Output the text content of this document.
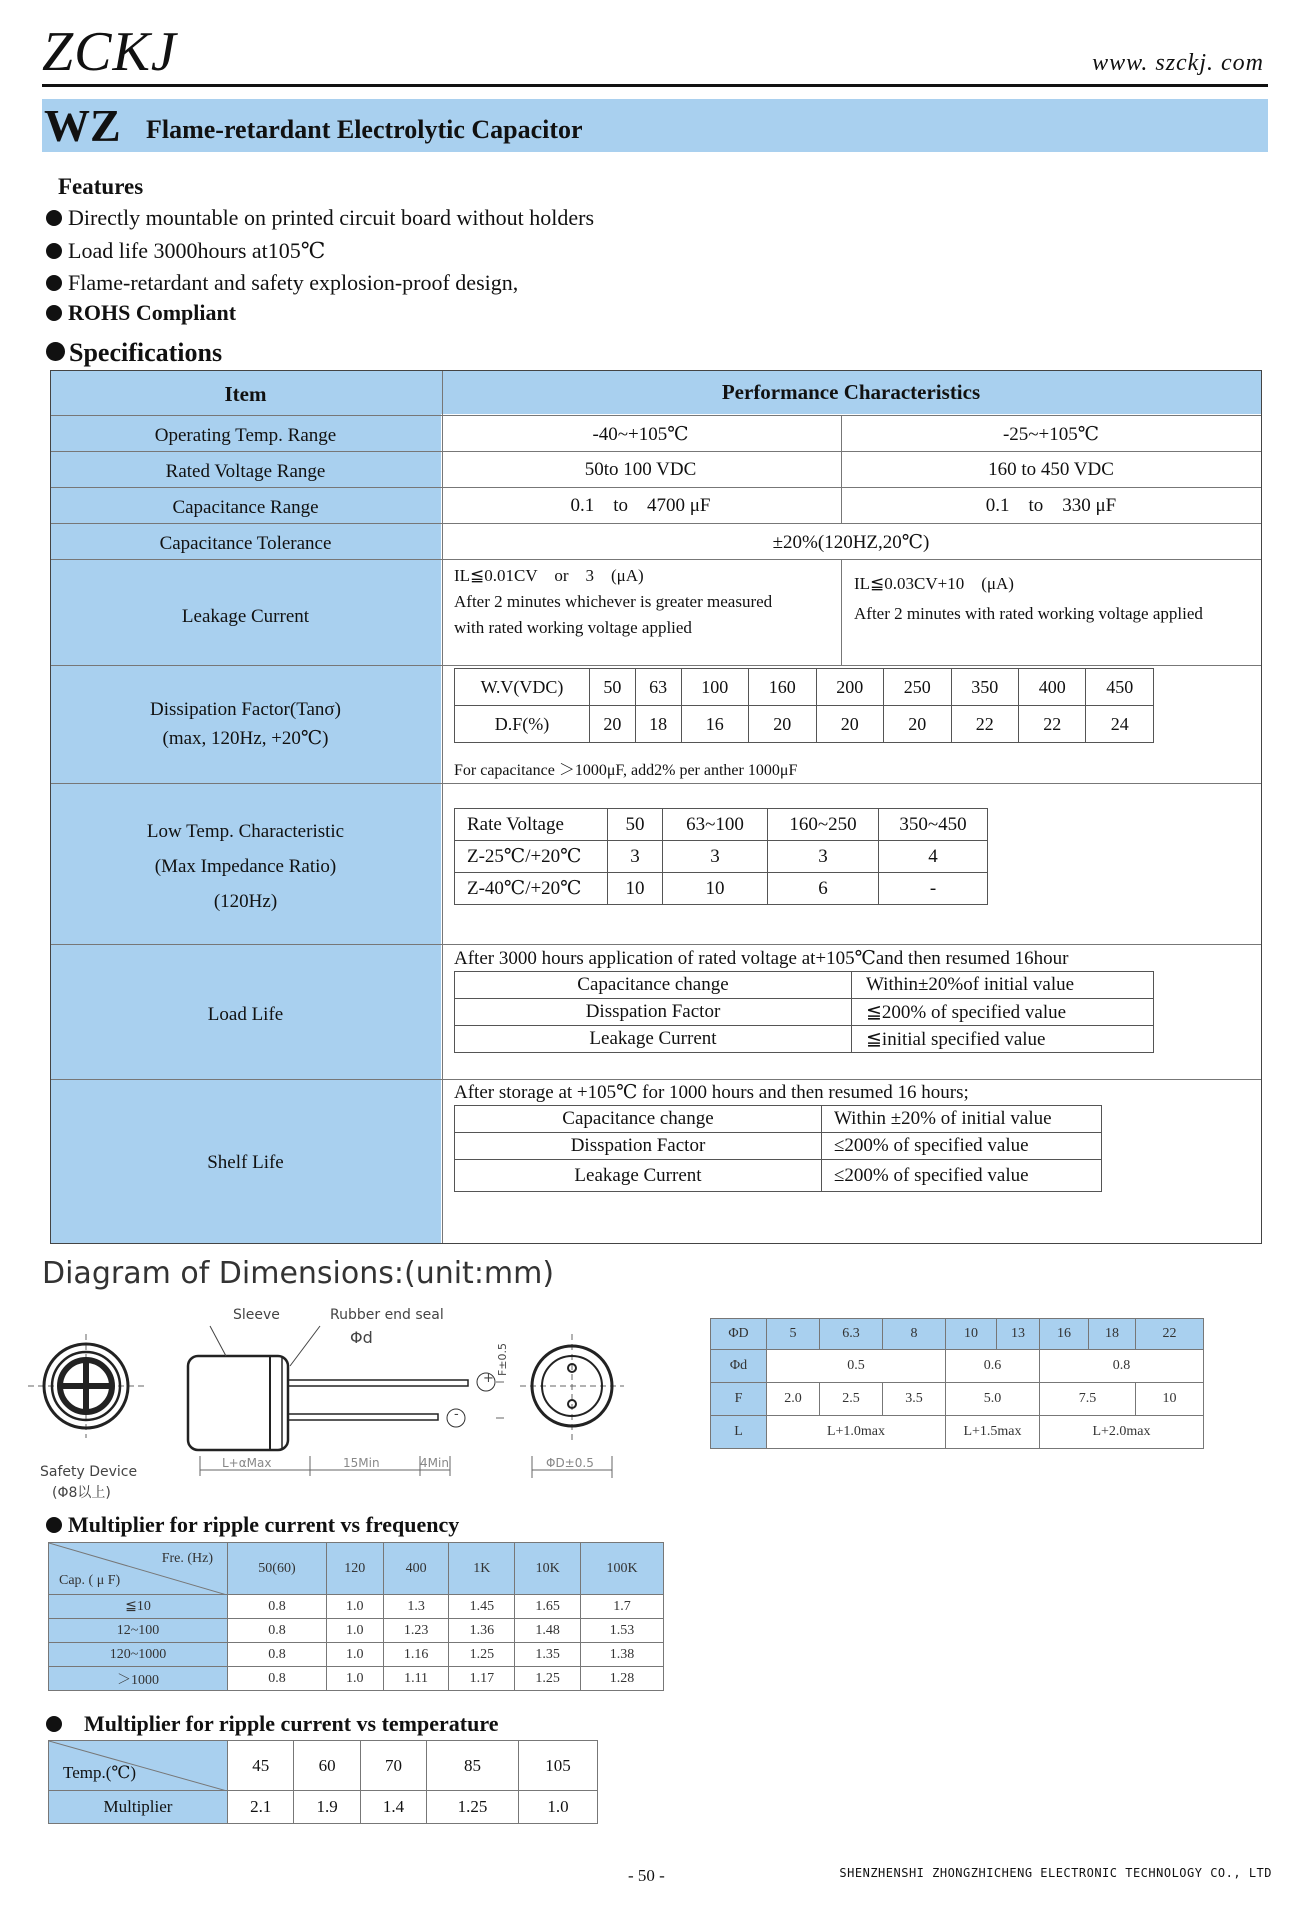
ZCKJ	www. szckj. com
WZ Flame-retardant Electrolytic Capacitor
Features
Directly mountable on printed circuit board without holders
Load life 3000hours at105℃
Flame-retardant and safety explosion-proof design,
ROHS Compliant
Specifications
Item	Performance Characteristics
Operating Temp. Range	-40~+105℃	-25~+105℃
Rated Voltage Range	50to 100 VDC	160 to 450 VDC
Capacitance Range	0.1    to    4700 μF	0.1    to    330 μF
Capacitance Tolerance	±20%(120HZ,20℃)
Leakage Current
IL≦0.01CV    or    3    (μA)
After 2 minutes whichever is greater measured
with rated working voltage applied
IL≦0.03CV+10    (μA)
After 2 minutes with rated working voltage applied
Dissipation Factor(Tanσ)
(max, 120Hz, +20℃)
W.V(VDC)	50	63	100	160	200	250	350	400	450
D.F(%)	20	18	16	20	20	20	22	22	24
For capacitance ＞1000μF, add2% per anther 1000μF
Low Temp. Characteristic
(Max Impedance Ratio)
(120Hz)
Rate Voltage	50	63~100	160~250	350~450
Z-25℃/+20℃	3	3	3	4
Z-40℃/+20℃	10	10	6	-
Load Life
After 3000 hours application of rated voltage at+105℃and then resumed 16hour
Capacitance change	Within±20%of initial value
Disspation Factor	≦200% of specified value
Leakage Current	≦initial specified value
Shelf Life
After storage at +105℃ for 1000 hours and then resumed 16 hours;
Capacitance change	Within ±20% of initial value
Disspation Factor	≤200% of specified value
Leakage Current	≤200% of specified value
Diagram of Dimensions:(unit:mm)
Sleeve	Rubber end seal
Φd
+
-
F±0.5
L+αMax	15Min	4Min	ΦD±0.5
Safety Device
(Φ8以上)
ΦD	5	6.3	8	10	13	16	18	22
Φd	0.5			0.6		0.8		
F	2.0	2.5	3.5	5.0		7.5		10
L	L+1.0max			L+1.5max		L+2.0max		
Multiplier for ripple current vs frequency
Fre. (Hz)
Cap. ( μ F)	50(60)	120	400	1K	10K	100K
≦10	0.8	1.0	1.3	1.45	1.65	1.7
12~100	0.8	1.0	1.23	1.36	1.48	1.53
120~1000	0.8	1.0	1.16	1.25	1.35	1.38
＞1000	0.8	1.0	1.11	1.17	1.25	1.28
Multiplier for ripple current vs temperature
Temp.(℃)	45	60	70	85	105
Multiplier	2.1	1.9	1.4	1.25	1.0
- 50 -	SHENZHENSHI ZHONGZHICHENG ELECTRONIC TECHNOLOGY CO., LTD
